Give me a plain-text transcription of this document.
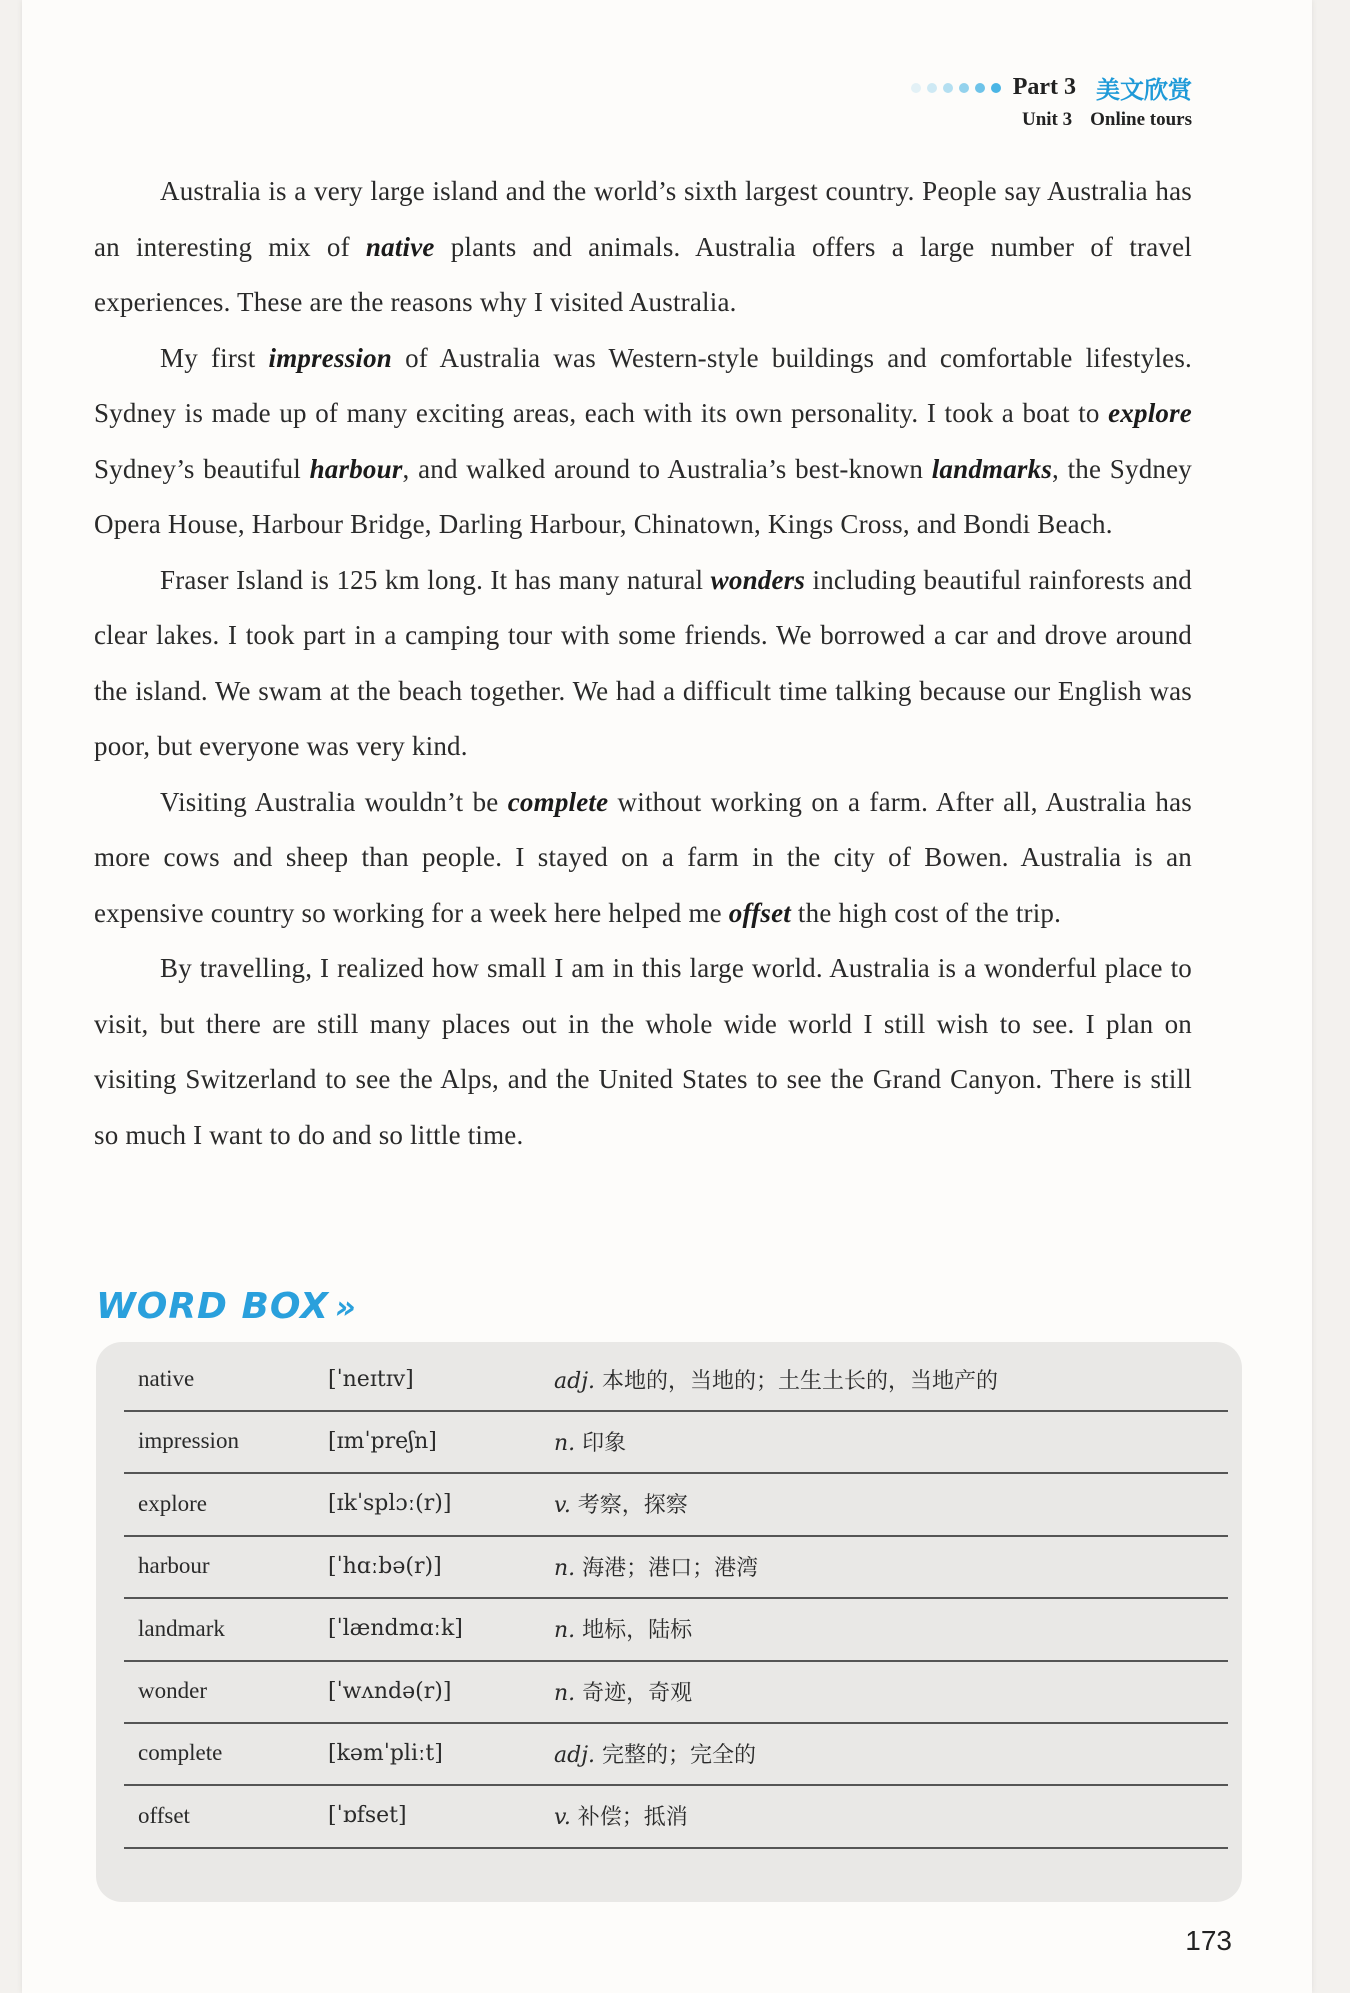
Part 3 美文欣赏
Unit 3 Online tours

Australia is a very large island and the world’s sixth largest country. People say Australia has an interesting mix of native plants and animals. Australia offers a large number of travel experiences. These are the reasons why I visited Australia.

My first impression of Australia was Western-style buildings and comfortable lifestyles. Sydney is made up of many exciting areas, each with its own personality. I took a boat to explore Sydney’s beautiful harbour, and walked around to Australia’s best-known landmarks, the Sydney Opera House, Harbour Bridge, Darling Harbour, Chinatown, Kings Cross, and Bondi Beach.

Fraser Island is 125 km long. It has many natural wonders including beautiful rainforests and clear lakes. I took part in a camping tour with some friends. We borrowed a car and drove around the island. We swam at the beach together. We had a difficult time talking because our English was poor, but everyone was very kind.

Visiting Australia wouldn’t be complete without working on a farm. After all, Australia has more cows and sheep than people. I stayed on a farm in the city of Bowen. Australia is an expensive country so working for a week here helped me offset the high cost of the trip.

By travelling, I realized how small I am in this large world. Australia is a wonderful place to visit, but there are still many places out in the whole wide world I still wish to see. I plan on visiting Switzerland to see the Alps, and the United States to see the Grand Canyon. There is still so much I want to do and so little time.

WORD BOX »
native	[ˈneɪtɪv]	adj. 本地的，当地的；土生土长的，当地产的
impression	[ɪmˈpreʃn]	n. 印象
explore	[ɪkˈsplɔː(r)]	v. 考察，探察
harbour	[ˈhɑːbə(r)]	n. 海港；港口；港湾
landmark	[ˈlændmɑːk]	n. 地标，陆标
wonder	[ˈwʌndə(r)]	n. 奇迹，奇观
complete	[kəmˈpliːt]	adj. 完整的；完全的
offset	[ˈɒfset]	v. 补偿；抵消
173
